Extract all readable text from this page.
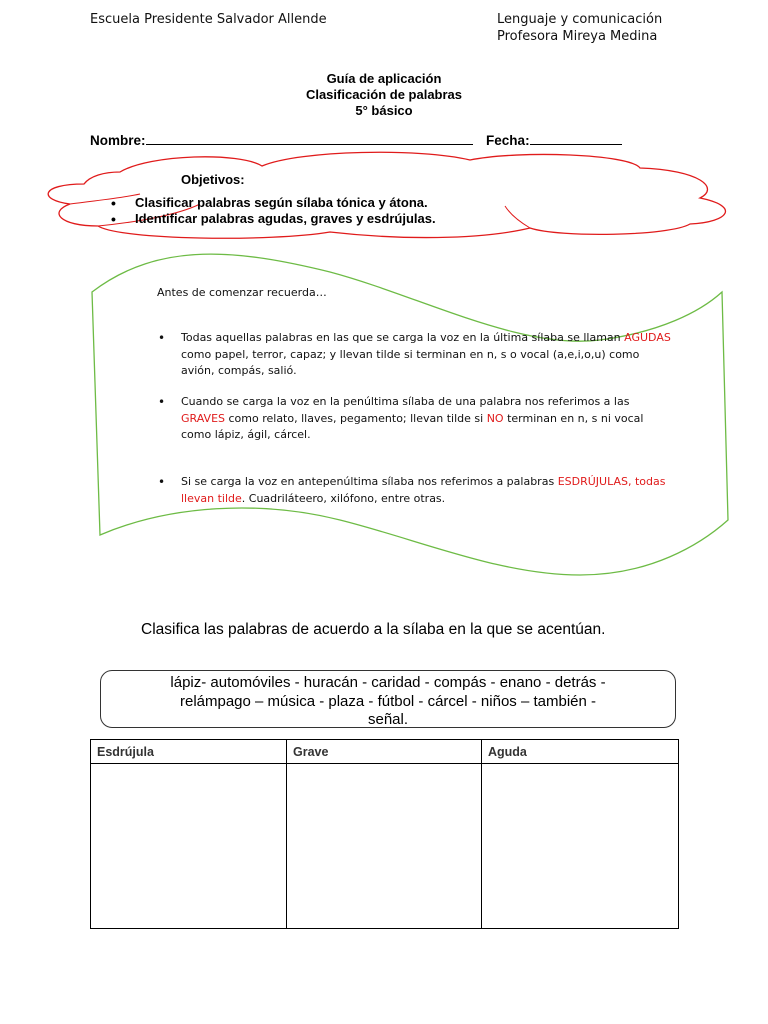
Escuela Presidente Salvador Allende	Lenguaje y comunicación
Profesora Mireya Medina
Guía de aplicación
Clasificación de palabras
5° básico
Nombre:	Fecha:
Objetivos:
• Clasificar palabras según sílaba tónica y átona.
• Identificar palabras agudas, graves y esdrújulas.
Antes de comenzar recuerda…
• Todas aquellas palabras en las que se carga la voz en la última sílaba se llaman AGUDAS como papel, terror, capaz; y llevan tilde si terminan en n, s o vocal (a,e,i,o,u) como avión, compás, salió.
• Cuando se carga la voz en la penúltima sílaba de una palabra nos referimos a las GRAVES como relato, llaves, pegamento; llevan tilde si NO terminan en n, s ni vocal como lápiz, ágil, cárcel.
• Si se carga la voz en antepenúltima sílaba nos referimos a palabras ESDRÚJULAS, todas llevan tilde. Cuadriláteero, xilófono, entre otras.
Clasifica las palabras de acuerdo a la sílaba en la que se acentúan.
lápiz- automóviles - huracán - caridad - compás - enano - detrás -
relámpago – música - plaza - fútbol - cárcel - niños – también -
señal.
Esdrújula	Grave	Aguda
